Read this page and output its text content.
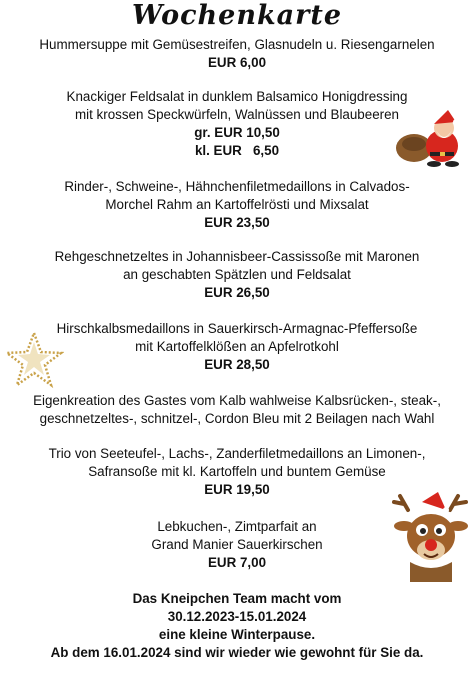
Wochenkarte
Hummersuppe mit Gemüsestreifen, Glasnudeln u. Riesengarnelen
EUR 6,00
Knackiger Feldsalat in dunklem Balsamico Honigdressing
mit krossen Speckwürfeln, Walnüssen und Blaubeeren
gr. EUR 10,50
kl. EUR   6,50
Rinder-, Schweine-, Hähnchenfiletmedaillons in Calvados-
Morchel Rahm an Kartoffelrösti und Mixsalat
EUR 23,50
Rehgeschnetzeltes in Johannisbeer-Cassissoße mit Maronen
an geschabten Spätzlen und Feldsalat
EUR 26,50
Hirschkalbsmedaillons in Sauerkirsch-Armagnac-Pfeffersoße
mit Kartoffelklößen an Apfelrotkohl
EUR 28,50
Eigenkreation des Gastes vom Kalb wahlweise Kalbsrücken-, steak-,
geschnetzeltes-, schnitzel-, Cordon Bleu mit 2 Beilagen nach Wahl
Trio von Seeteufel-, Lachs-, Zanderfiletmedaillons an Limonen-,
Safransoße mit kl. Kartoffeln und buntem Gemüse
EUR 19,50
Lebkuchen-, Zimtparfait an
Grand Manier Sauerkirschen
EUR 7,00
Das Kneipchen Team macht vom
30.12.2023-15.01.2024
eine kleine Winterpause.
Ab dem 16.01.2024 sind wir wieder wie gewohnt für Sie da.
